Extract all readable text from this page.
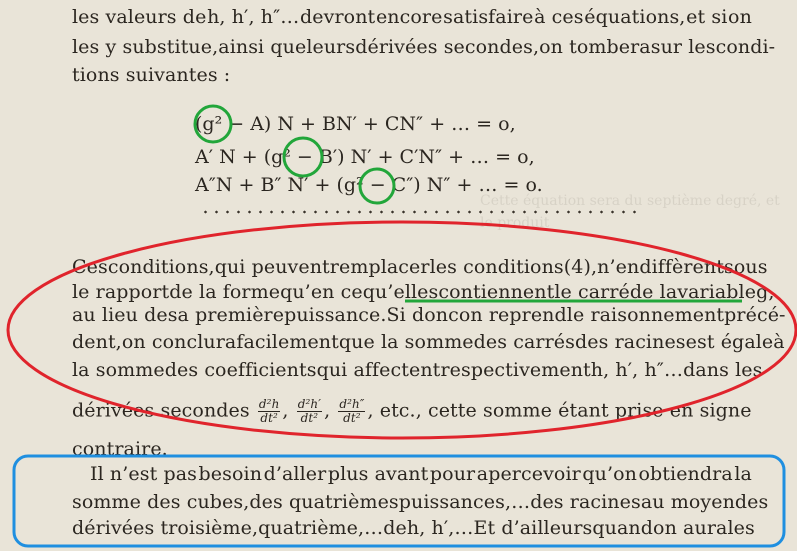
Cette équation sera du septième degré, et le produit
les valeurs de h, h′, h″… devront encore satisfaire à ces équations, et si on
les y substitue, ainsi que leurs dérivées secondes, on tombera sur les condi-
tions suivantes :
(g² − A) N + BN′ + CN″ + … = o,
A′ N + (g² − B′) N′ + C′N″ + … = o,
A″N + B″ N′ + (g² − C″) N″ + … = o.
Ces conditions, qui peuvent remplacer les conditions (4), n’en diffèrent sous
le rapport de la forme qu’en ce qu’elles contiennent le carré de la variable g,
au lieu de sa première puissance. Si donc on reprend le raisonnement précé-
dent, on conclura facilement que la somme des carrés des racines est égale à
la somme des coefficients qui affectent respectivement h, h′, h″… dans les
dérivées secondes $\frac{\text{d²h}}{\text{dt²}}$ , $\frac{\text{d²h′}}{\text{dt²}}$ , $\frac{\text{d²h″}}{\text{dt²}}$ , etc., cette somme étant prise en signe
contraire.
Il n’est pas besoin d’aller plus avant pour apercevoir qu’on obtiendra la
somme des cubes, des quatrièmes puissances,… des racines au moyen des
dérivées troisième, quatrième,… de h, h′,… Et d’ailleurs quand on aura les
